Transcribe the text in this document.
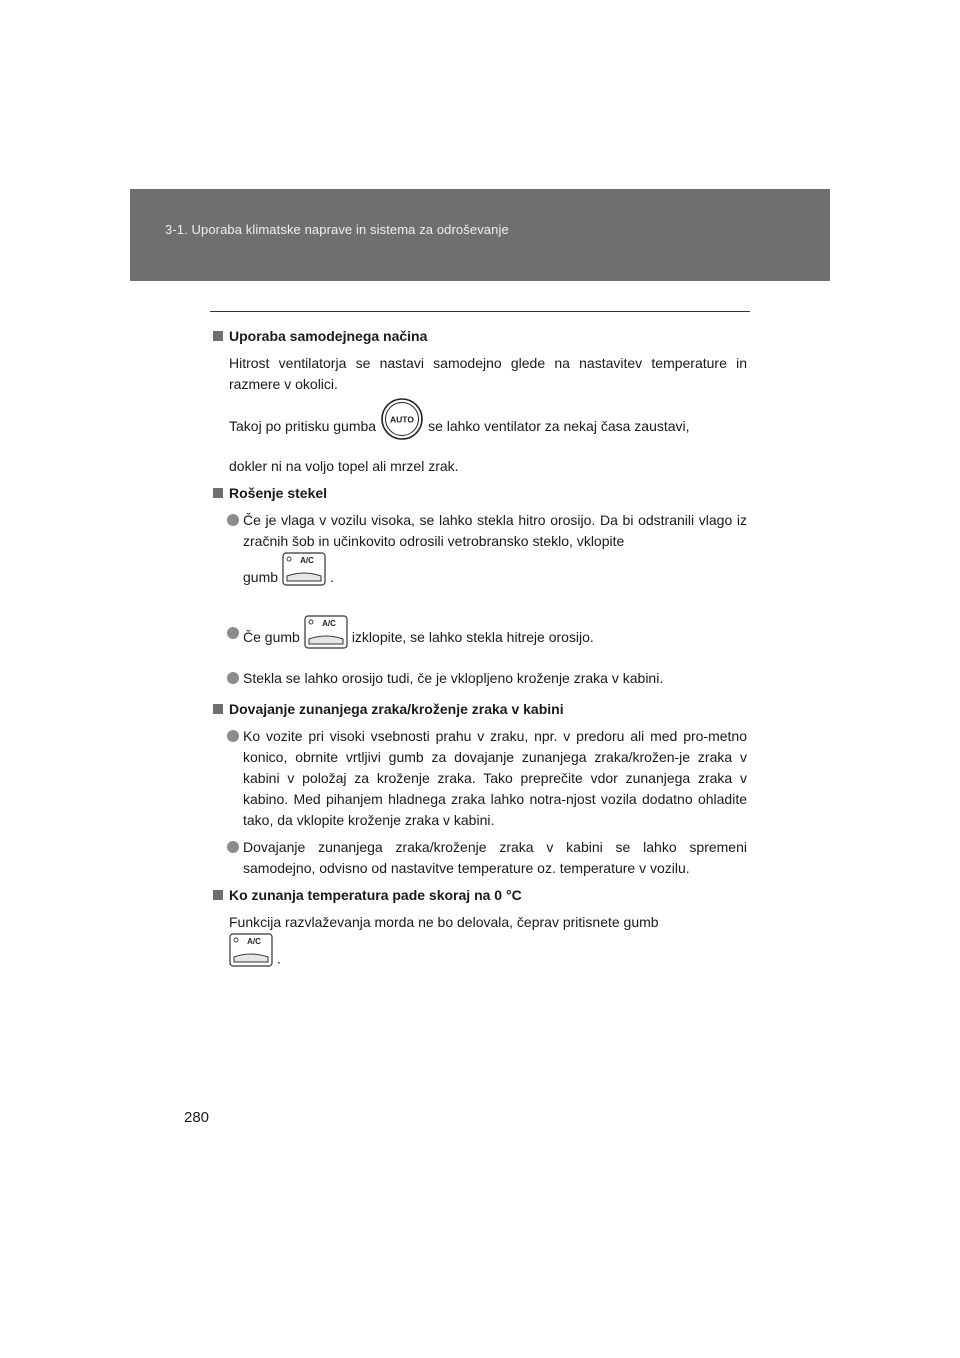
3-1. Uporaba klimatske naprave in sistema za odroševanje

Uporaba samodejnega načina

Hitrost ventilatorja se nastavi samodejno glede na nastavitev temperature in razmere v okolici.

Takoj po pritisku gumba AUTO se lahko ventilator za nekaj časa zaustavi,

dokler ni na voljo topel ali mrzel zrak.

Rošenje stekel

Če je vlaga v vozilu visoka, se lahko stekla hitro orosijo. Da bi odstranili vlago iz zračnih šob in učinkovito odrosili vetrobransko steklo, vklopite

gumb
A/C
.

Če gumb
A/C
izklopite, se lahko stekla hitreje orosijo.

Stekla se lahko orosijo tudi, če je vklopljeno kroženje zraka v kabini.

Dovajanje zunanjega zraka/kroženje zraka v kabini

Ko vozite pri visoki vsebnosti prahu v zraku, npr. v predoru ali med pro-metno konico, obrnite vrtljivi gumb za dovajanje zunanjega zraka/krožen-je zraka v kabini v položaj za kroženje zraka. Tako preprečite vdor zunanjega zraka v kabino. Med pihanjem hladnega zraka lahko notra-njost vozila dodatno ohladite tako, da vklopite kroženje zraka v kabini.

Dovajanje zunanjega zraka/kroženje zraka v kabini se lahko spremeni samodejno, odvisno od nastavitve temperature oz. temperature v vozilu.

Ko zunanja temperatura pade skoraj na 0 °C

Funkcija razvlaževanja morda ne bo delovala, čeprav pritisnete gumb

A/C
.

280
